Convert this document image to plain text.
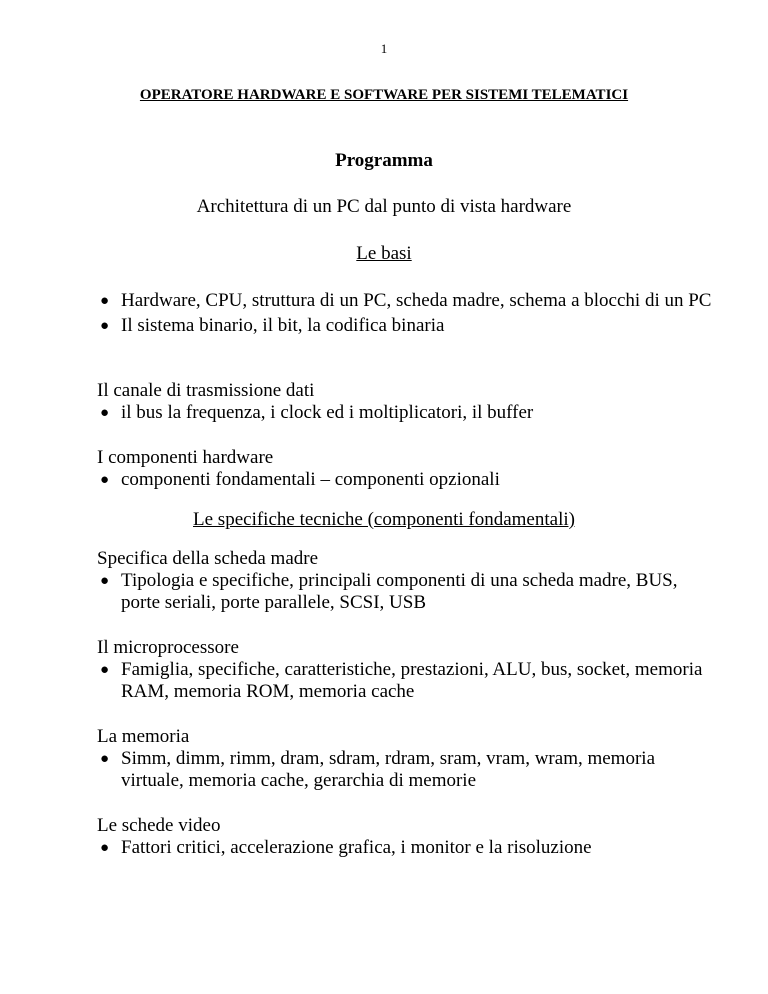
1
OPERATORE HARDWARE E SOFTWARE PER SISTEMI TELEMATICI
Programma
Architettura di un PC dal punto di vista hardware
Le basi
● Hardware, CPU, struttura di un PC, scheda madre, schema a blocchi di un PC
● Il sistema binario, il bit, la codifica binaria
Il canale di trasmissione dati
● il bus la frequenza, i clock ed i moltiplicatori, il buffer
I componenti hardware
● componenti fondamentali – componenti opzionali
Le specifiche tecniche (componenti fondamentali)
Specifica della scheda madre
● Tipologia e specifiche, principali componenti di una scheda madre, BUS, porte seriali, porte parallele, SCSI, USB
Il microprocessore
● Famiglia, specifiche, caratteristiche, prestazioni, ALU, bus, socket, memoria RAM, memoria ROM, memoria cache
La memoria
● Simm, dimm, rimm, dram, sdram, rdram, sram, vram, wram, memoria virtuale, memoria cache, gerarchia di memorie
Le schede video
● Fattori critici, accelerazione grafica, i monitor e la risoluzione
